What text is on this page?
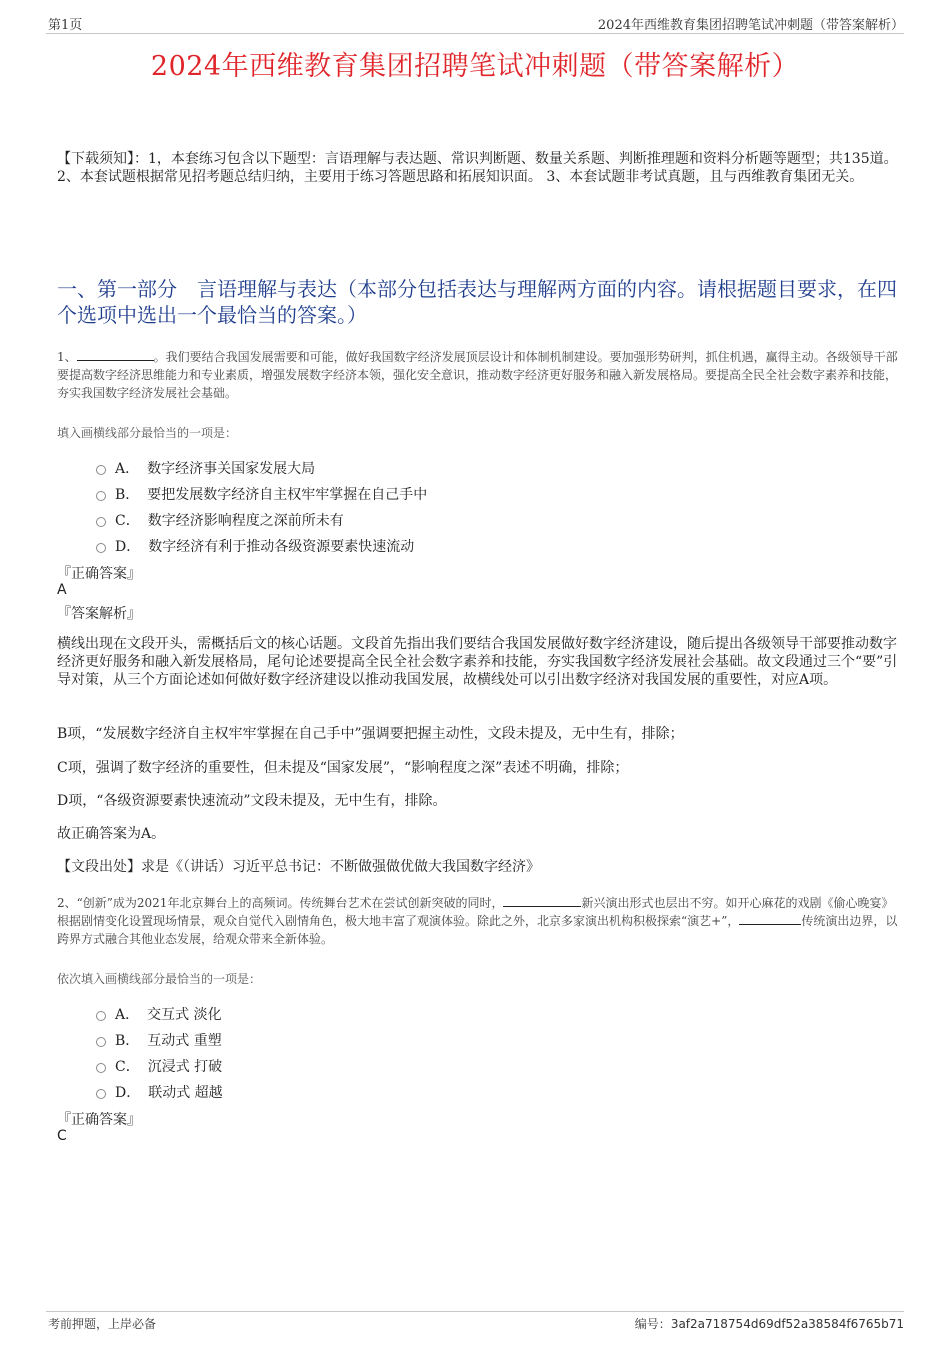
第1页	2024年西维教育集团招聘笔试冲刺题（带答案解析）
2024年西维教育集团招聘笔试冲刺题（带答案解析）
【下载须知】：1，本套练习包含以下题型：言语理解与表达题、常识判断题、数量关系题、判断推理题和资料分析题等题型；共135道。 2、本套试题根据常见招考题总结归纳，主要用于练习答题思路和拓展知识面。 3、本套试题非考试真题，且与西维教育集团无关。
一、第一部分　言语理解与表达（本部分包括表达与理解两方面的内容。请根据题目要求，在四个选项中选出一个最恰当的答案。）
1、	。我们要结合我国发展需要和可能，做好我国数字经济发展顶层设计和体制机制建设。要加强形势研判，抓住机遇，赢得主动。各级领导干部要提高数字经济思维能力和专业素质，增强发展数字经济本领，强化安全意识，推动数字经济更好服务和融入新发展格局。要提高全民全社会数字素养和技能，夯实我国数字经济发展社会基础。
填入画横线部分最恰当的一项是：
A． 数字经济事关国家发展大局
B． 要把发展数字经济自主权牢牢掌握在自己手中
C． 数字经济影响程度之深前所未有
D． 数字经济有利于推动各级资源要素快速流动
『正确答案』
A
『答案解析』
横线出现在文段开头，需概括后文的核心话题。文段首先指出我们要结合我国发展做好数字经济建设，随后提出各级领导干部要推动数字经济更好服务和融入新发展格局，尾句论述要提高全民全社会数字素养和技能，夯实我国数字经济发展社会基础。故文段通过三个“要”引导对策，从三个方面论述如何做好数字经济建设以推动我国发展，故横线处可以引出数字经济对我国发展的重要性，对应A项。
B项，“发展数字经济自主权牢牢掌握在自己手中”强调要把握主动性，文段未提及，无中生有，排除；
C项，强调了数字经济的重要性，但未提及“国家发展”，“影响程度之深”表述不明确，排除；
D项，“各级资源要素快速流动”文段未提及，无中生有，排除。
故正确答案为A。
【文段出处】求是《（讲话）习近平总书记：不断做强做优做大我国数字经济》
2、“创新”成为2021年北京舞台上的高频词。传统舞台艺术在尝试创新突破的同时，	新兴演出形式也层出不穷。如开心麻花的戏剧《偷心晚宴》根据剧情变化设置现场情景，观众自觉代入剧情角色，极大地丰富了观演体验。除此之外，北京多家演出机构积极探索“演艺+”，	传统演出边界，以跨界方式融合其他业态发展，给观众带来全新体验。
依次填入画横线部分最恰当的一项是：
A． 交互式 淡化
B． 互动式 重塑
C． 沉浸式 打破
D． 联动式 超越
『正确答案』
C
考前押题，上岸必备	编号：3af2a718754d69df52a38584f6765b71
